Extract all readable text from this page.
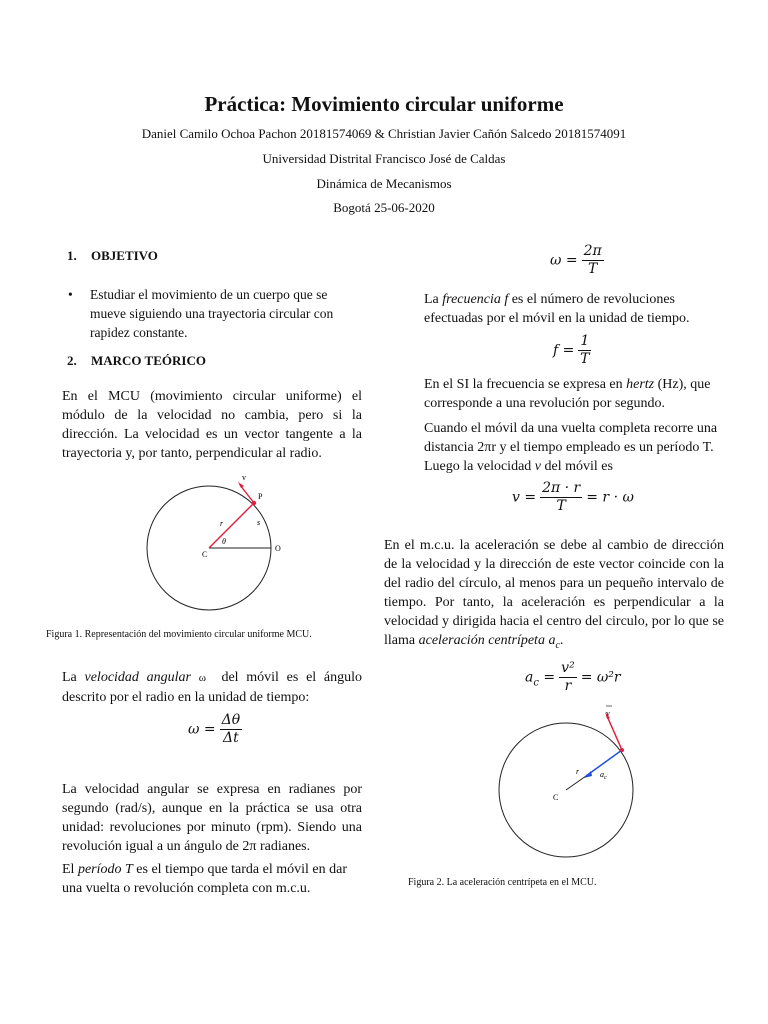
Práctica: Movimiento circular uniforme
Daniel Camilo Ochoa Pachon 20181574069 & Christian Javier Cañón Salcedo 20181574091
Universidad Distrital Francisco José de Caldas
Dinámica de Mecanismos
Bogotá 25-06-2020
1. OBJETIVO
• Estudiar el movimiento de un cuerpo que se mueve siguiendo una trayectoria circular con rapidez constante.
2. MARCO TEÓRICO
En el MCU (movimiento circular uniforme) el módulo de la velocidad no cambia, pero si la dirección. La velocidad es un vector tangente a la trayectoria y, por tanto, perpendicular al radio.
v
P
r	s
θ
C
O
Figura 1. Representación del movimiento circular uniforme MCU.
La velocidad angular ω  del móvil es el ángulo descrito por el radio en la unidad de tiempo:
$\omega = \frac{\Delta\theta}{\Delta t}$
La velocidad angular se expresa en radianes por segundo (rad/s), aunque en la práctica se usa otra unidad: revoluciones por minuto (rpm). Siendo una revolución igual a un ángulo de 2π radianes.
El período T es el tiempo que tarda el móvil en dar una vuelta o revolución completa con m.c.u.
$\omega = \frac{2\pi}{T}$
La frecuencia f es el número de revoluciones efectuadas por el móvil en la unidad de tiempo.
$f = \frac{1}{T}$
En el SI la frecuencia se expresa en hertz (Hz), que corresponde a una revolución por segundo.
Cuando el móvil da una vuelta completa recorre una distancia 2πr y el tiempo empleado es un período T. Luego la velocidad v del móvil es
$v = \frac{2\pi \cdot r}{T} = r \cdot \omega$
En el m.c.u. la aceleración se debe al cambio de dirección de la velocidad y la dirección de este vector coincide con la del radio del círculo, al menos para un pequeño intervalo de tiempo. Por tanto, la aceleración es perpendicular a la velocidad y dirigida hacia el centro del circulo, por lo que se llama aceleración centrípeta $a_c$.
$a_c = \frac{\text{v²}}{r} = \omega^2r$
v
r	$a_c$
C
Figura 2. La aceleración centrípeta en el MCU.
